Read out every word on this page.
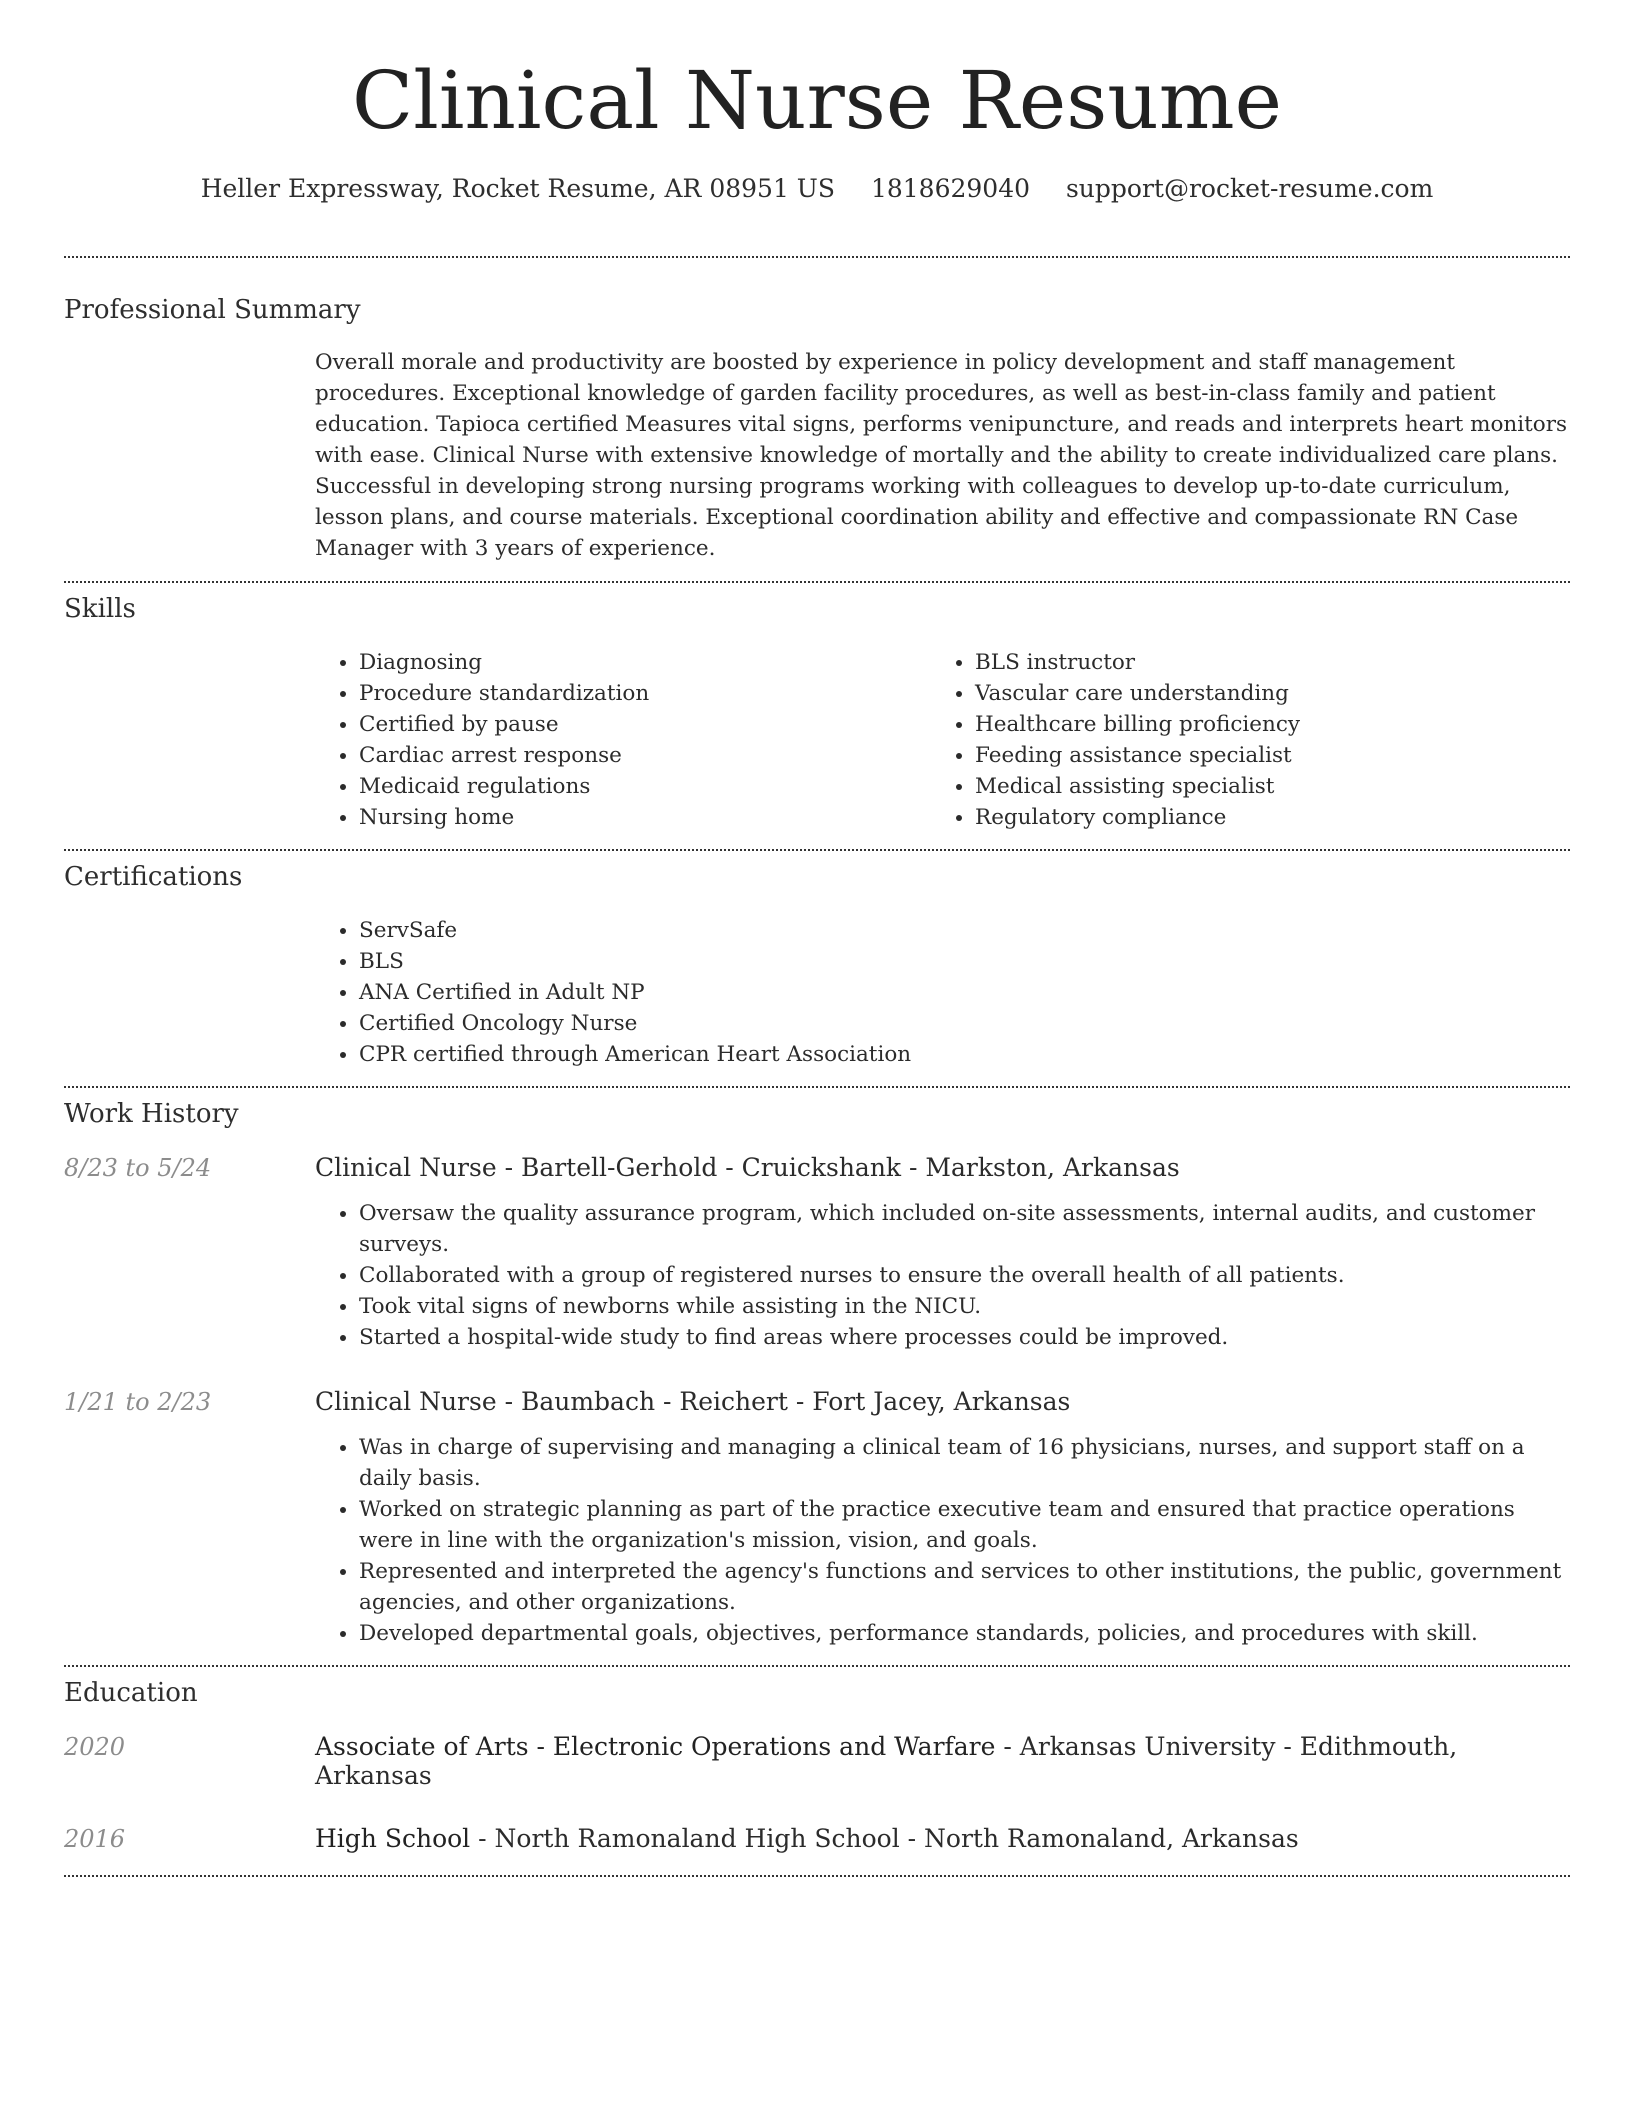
Clinical Nurse Resume
Heller Expressway, Rocket Resume, AR 08951 US 1818629040 support@rocket-resume.com
Professional Summary
Overall morale and productivity are boosted by experience in policy development and staff management procedures. Exceptional knowledge of garden facility procedures, as well as best-in-class family and patient education. Tapioca certified Measures vital signs, performs venipuncture, and reads and interprets heart monitors with ease. Clinical Nurse with extensive knowledge of mortally and the ability to create individualized care plans. Successful in developing strong nursing programs working with colleagues to develop up-to-date curriculum, lesson plans, and course materials. Exceptional coordination ability and effective and compassionate RN Case Manager with 3 years of experience.
Skills
• Diagnosing
• Procedure standardization
• Certified by pause
• Cardiac arrest response
• Medicaid regulations
• Nursing home
• BLS instructor
• Vascular care understanding
• Healthcare billing proficiency
• Feeding assistance specialist
• Medical assisting specialist
• Regulatory compliance
Certifications
• ServSafe
• BLS
• ANA Certified in Adult NP
• Certified Oncology Nurse
• CPR certified through American Heart Association
Work History
8/23 to 5/24	Clinical Nurse - Bartell-Gerhold - Cruickshank - Markston, Arkansas
• Oversaw the quality assurance program, which included on-site assessments, internal audits, and customer surveys.
• Collaborated with a group of registered nurses to ensure the overall health of all patients.
• Took vital signs of newborns while assisting in the NICU.
• Started a hospital-wide study to find areas where processes could be improved.
1/21 to 2/23	Clinical Nurse - Baumbach - Reichert - Fort Jacey, Arkansas
• Was in charge of supervising and managing a clinical team of 16 physicians, nurses, and support staff on a daily basis.
• Worked on strategic planning as part of the practice executive team and ensured that practice operations were in line with the organization's mission, vision, and goals.
• Represented and interpreted the agency's functions and services to other institutions, the public, government agencies, and other organizations.
• Developed departmental goals, objectives, performance standards, policies, and procedures with skill.
Education
2020	Associate of Arts - Electronic Operations and Warfare - Arkansas University - Edithmouth, Arkansas
2016	High School - North Ramonaland High School - North Ramonaland, Arkansas
